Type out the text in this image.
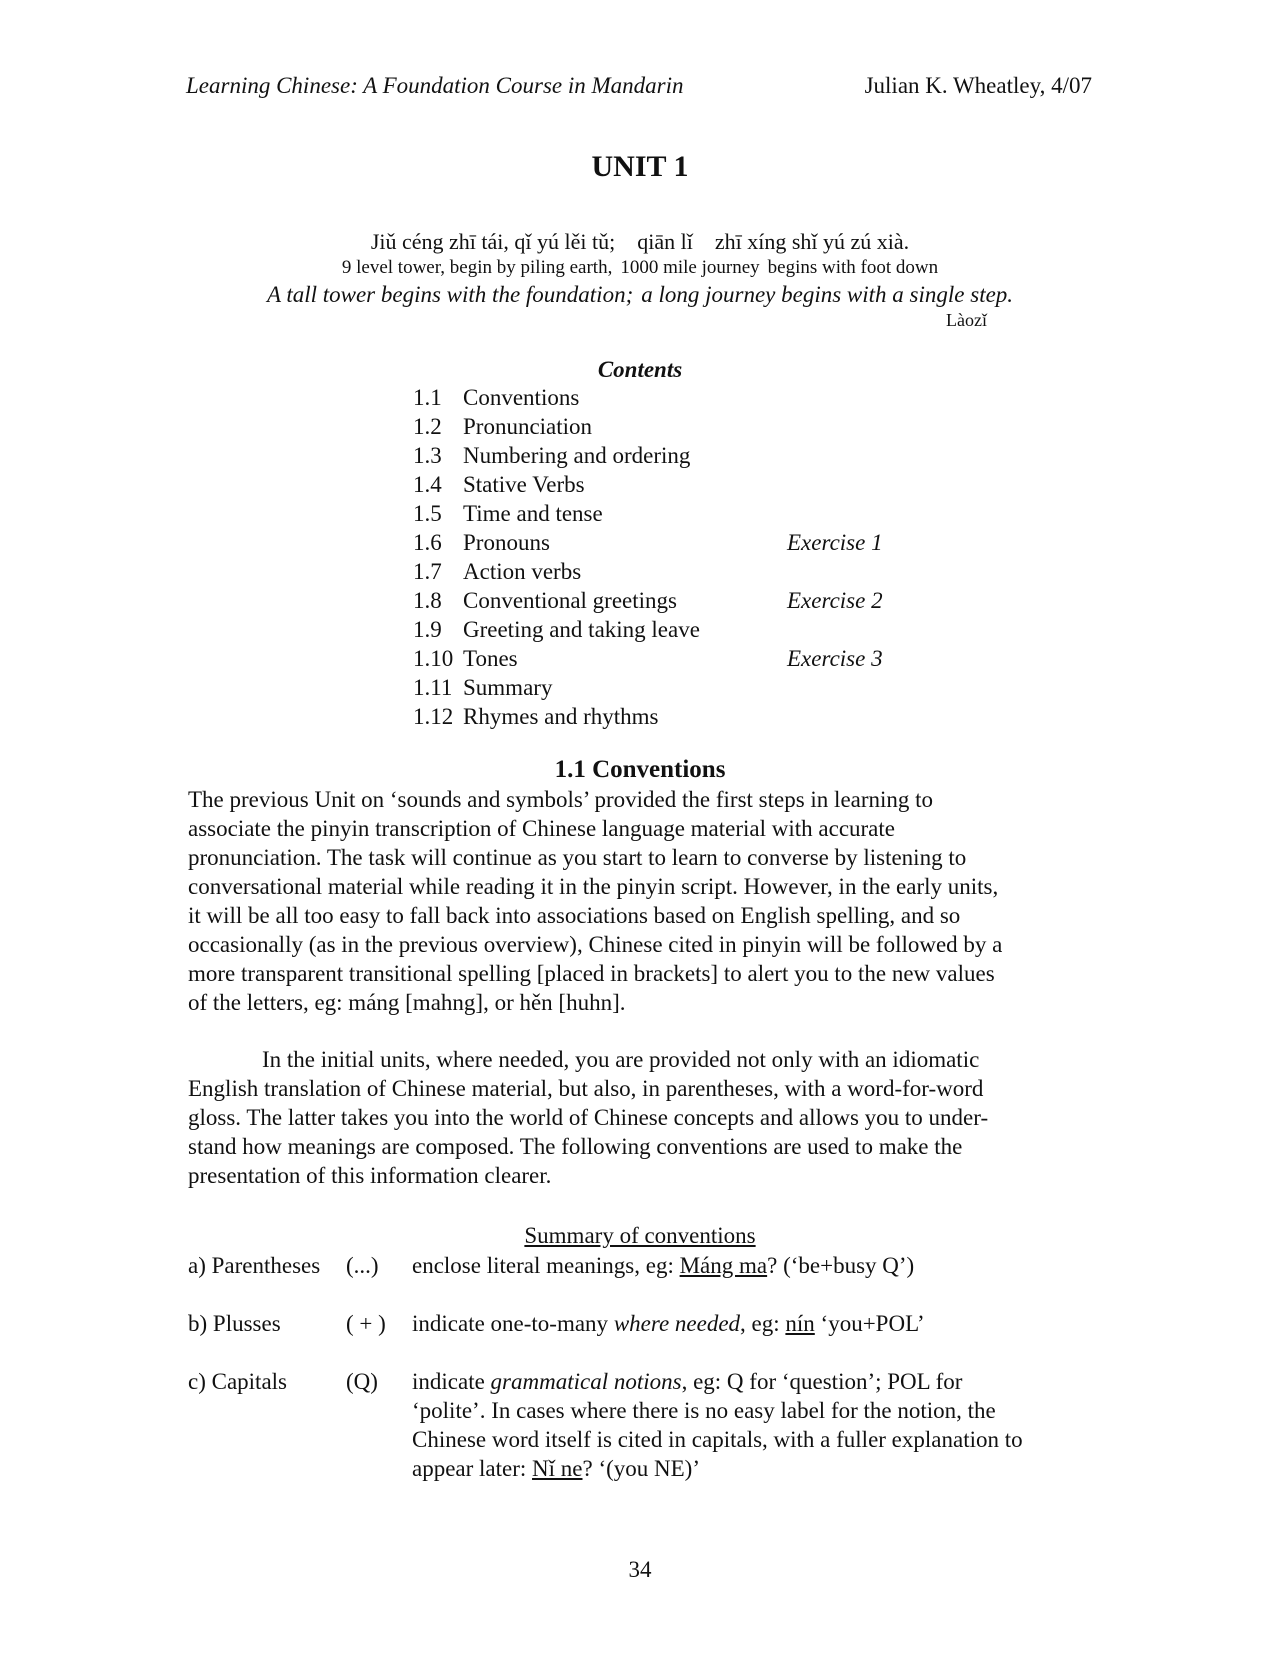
Learning Chinese: A Foundation Course in Mandarin	Julian K. Wheatley, 4/07
UNIT 1
Jiǔ céng zhī tái, qǐ yú lěi tǔ; qiān lǐ zhī xíng shǐ yú zú xià.
9 level tower, begin by piling earth, 1000 mile journey begins with foot down
A tall tower begins with the foundation; a long journey begins with a single step.
Làozǐ
Contents
1.1 Conventions
1.2 Pronunciation
1.3 Numbering and ordering
1.4 Stative Verbs
1.5 Time and tense
1.6 Pronouns	Exercise 1
1.7 Action verbs
1.8 Conventional greetings	Exercise 2
1.9 Greeting and taking leave
1.10 Tones	Exercise 3
1.11 Summary
1.12 Rhymes and rhythms
1.1 Conventions
The previous Unit on ‘sounds and symbols’ provided the first steps in learning to
associate the pinyin transcription of Chinese language material with accurate
pronunciation. The task will continue as you start to learn to converse by listening to
conversational material while reading it in the pinyin script. However, in the early units,
it will be all too easy to fall back into associations based on English spelling, and so
occasionally (as in the previous overview), Chinese cited in pinyin will be followed by a
more transparent transitional spelling [placed in brackets] to alert you to the new values
of the letters, eg: máng [mahng], or hěn [huhn].
In the initial units, where needed, you are provided not only with an idiomatic
English translation of Chinese material, but also, in parentheses, with a word-for-word
gloss. The latter takes you into the world of Chinese concepts and allows you to under-
stand how meanings are composed. The following conventions are used to make the
presentation of this information clearer.
Summary of conventions
a) Parentheses (...) enclose literal meanings, eg: Máng ma? (‘be+busy Q’)
b) Plusses	( + ) indicate one-to-many where needed, eg: nín ‘you+POL’
c) Capitals	(Q) indicate grammatical notions, eg: Q for ‘question’; POL for
‘polite’. In cases where there is no easy label for the notion, the
Chinese word itself is cited in capitals, with a fuller explanation to
appear later: Nǐ ne? ‘(you NE)’
34
